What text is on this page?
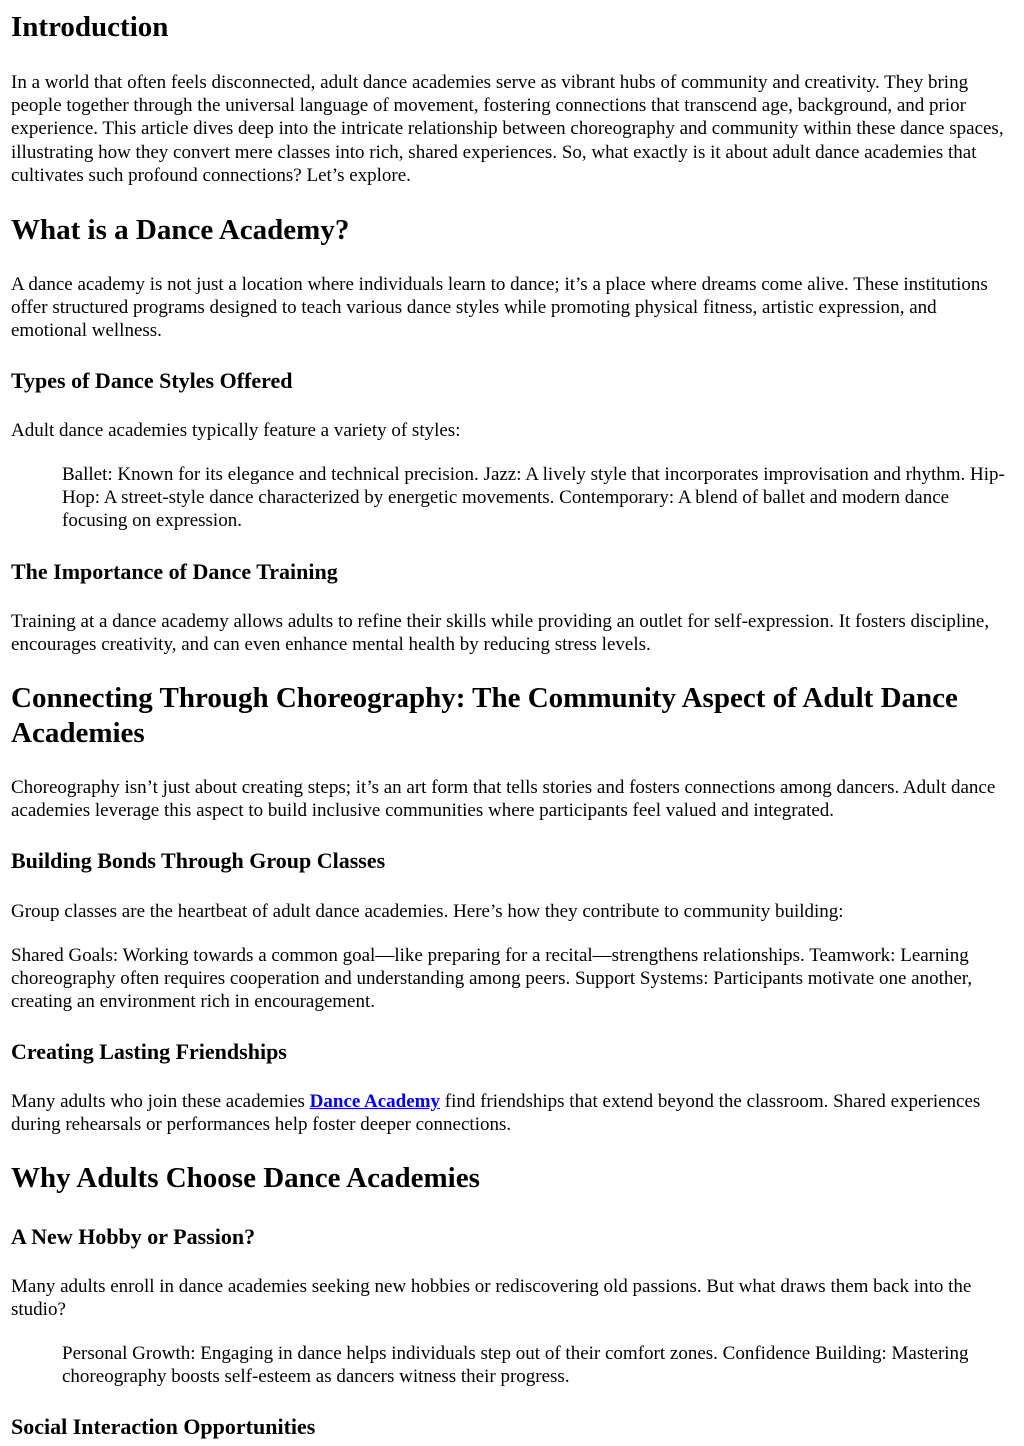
Introduction

In a world that often feels disconnected, adult dance academies serve as vibrant hubs of community and creativity. They bring people together through the universal language of movement, fostering connections that transcend age, background, and prior experience. This article dives deep into the intricate relationship between choreography and community within these dance spaces, illustrating how they convert mere classes into rich, shared experiences. So, what exactly is it about adult dance academies that cultivates such profound connections? Let’s explore.

What is a Dance Academy?

A dance academy is not just a location where individuals learn to dance; it’s a place where dreams come alive. These institutions offer structured programs designed to teach various dance styles while promoting physical fitness, artistic expression, and emotional wellness.

Types of Dance Styles Offered

Adult dance academies typically feature a variety of styles:

Ballet: Known for its elegance and technical precision. Jazz: A lively style that incorporates improvisation and rhythm. Hip-Hop: A street-style dance characterized by energetic movements. Contemporary: A blend of ballet and modern dance focusing on expression.
The Importance of Dance Training

Training at a dance academy allows adults to refine their skills while providing an outlet for self-expression. It fosters discipline, encourages creativity, and can even enhance mental health by reducing stress levels.

Connecting Through Choreography: The Community Aspect of Adult Dance Academies

Choreography isn’t just about creating steps; it’s an art form that tells stories and fosters connections among dancers. Adult dance academies leverage this aspect to build inclusive communities where participants feel valued and integrated.

Building Bonds Through Group Classes

Group classes are the heartbeat of adult dance academies. Here’s how they contribute to community building:

Shared Goals: Working towards a common goal—like preparing for a recital—strengthens relationships. Teamwork: Learning choreography often requires cooperation and understanding among peers. Support Systems: Participants motivate one another, creating an environment rich in encouragement.

Creating Lasting Friendships

Many adults who join these academies Dance Academy find friendships that extend beyond the classroom. Shared experiences during rehearsals or performances help foster deeper connections.

Why Adults Choose Dance Academies
A New Hobby or Passion?

Many adults enroll in dance academies seeking new hobbies or rediscovering old passions. But what draws them back into the studio?

Personal Growth: Engaging in dance helps individuals step out of their comfort zones. Confidence Building: Mastering choreography boosts self-esteem as dancers witness their progress.
Social Interaction Opportunities
